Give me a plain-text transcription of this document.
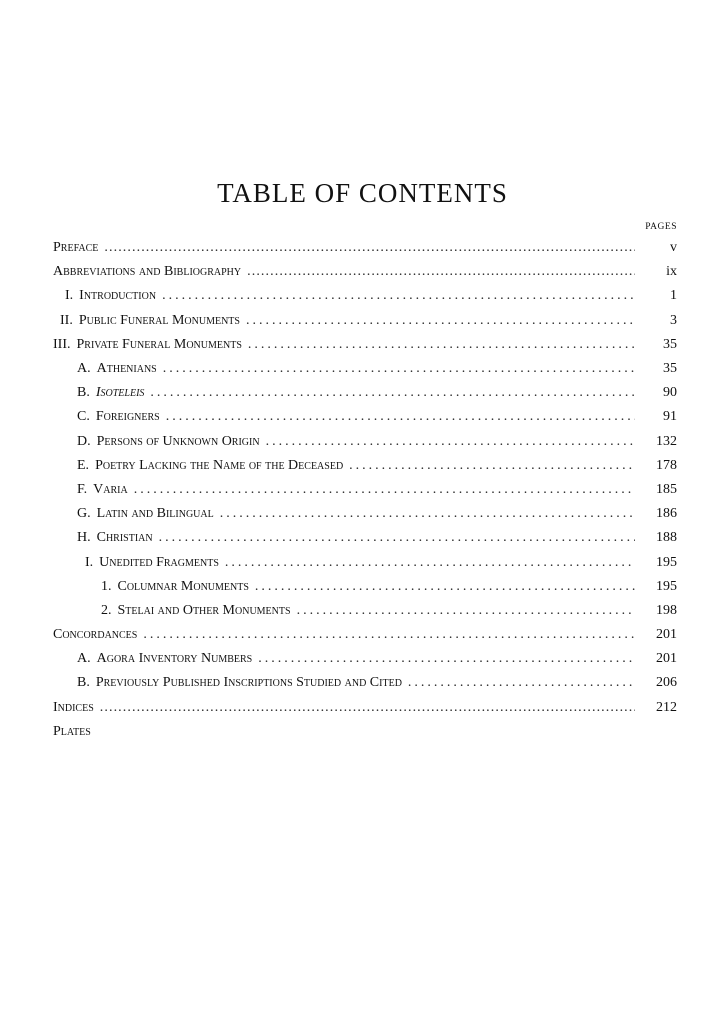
TABLE OF CONTENTS
PAGES
Preface .....	v
Abbreviations and Bibliography .....	ix
I. Introduction . . .	1
II. Public Funeral Monuments . . .	3
III. Private Funeral Monuments . . .	35
A. Athenians . . .	35
B. Isoteleis . . .	90
C. Foreigners . . .	91
D. Persons of Unknown Origin . . .	132
E. Poetry Lacking the Name of the Deceased . . .	178
F. Varia . . .	185
G. Latin and Bilingual . . .	186
H. Christian . . .	188
I. Unedited Fragments . . .	195
1. Columnar Monuments . . .	195
2. Stelai and Other Monuments . . .	198
Concordances . . .	201
A. Agora Inventory Numbers . . .	201
B. Previously Published Inscriptions Studied and Cited . . .	206
Indices .....	212
Plates
